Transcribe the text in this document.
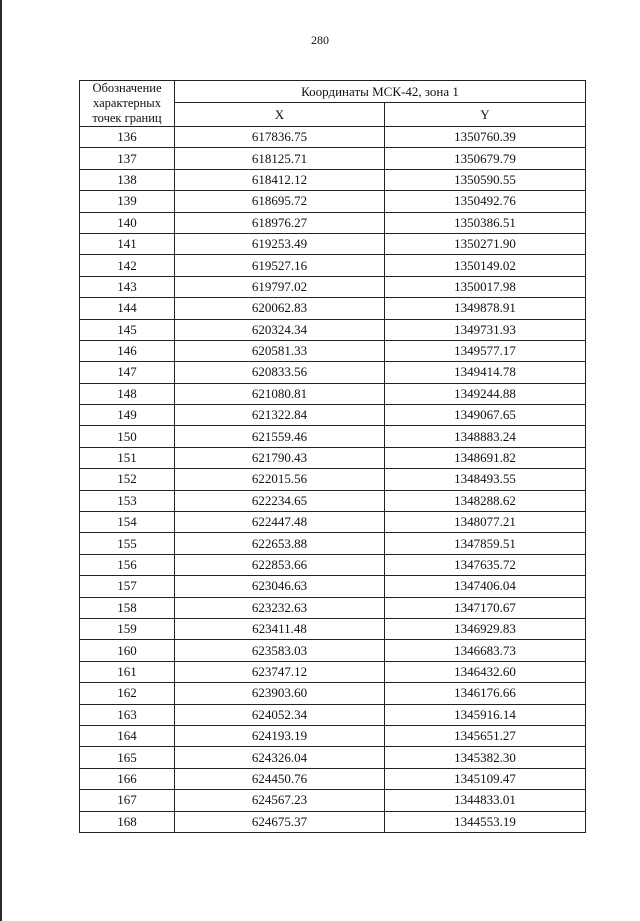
280
Обозначение характерных точек границ	Координаты МСК-42, зона 1	
	X	Y
136	617836.75	1350760.39
137	618125.71	1350679.79
138	618412.12	1350590.55
139	618695.72	1350492.76
140	618976.27	1350386.51
141	619253.49	1350271.90
142	619527.16	1350149.02
143	619797.02	1350017.98
144	620062.83	1349878.91
145	620324.34	1349731.93
146	620581.33	1349577.17
147	620833.56	1349414.78
148	621080.81	1349244.88
149	621322.84	1349067.65
150	621559.46	1348883.24
151	621790.43	1348691.82
152	622015.56	1348493.55
153	622234.65	1348288.62
154	622447.48	1348077.21
155	622653.88	1347859.51
156	622853.66	1347635.72
157	623046.63	1347406.04
158	623232.63	1347170.67
159	623411.48	1346929.83
160	623583.03	1346683.73
161	623747.12	1346432.60
162	623903.60	1346176.66
163	624052.34	1345916.14
164	624193.19	1345651.27
165	624326.04	1345382.30
166	624450.76	1345109.47
167	624567.23	1344833.01
168	624675.37	1344553.19
